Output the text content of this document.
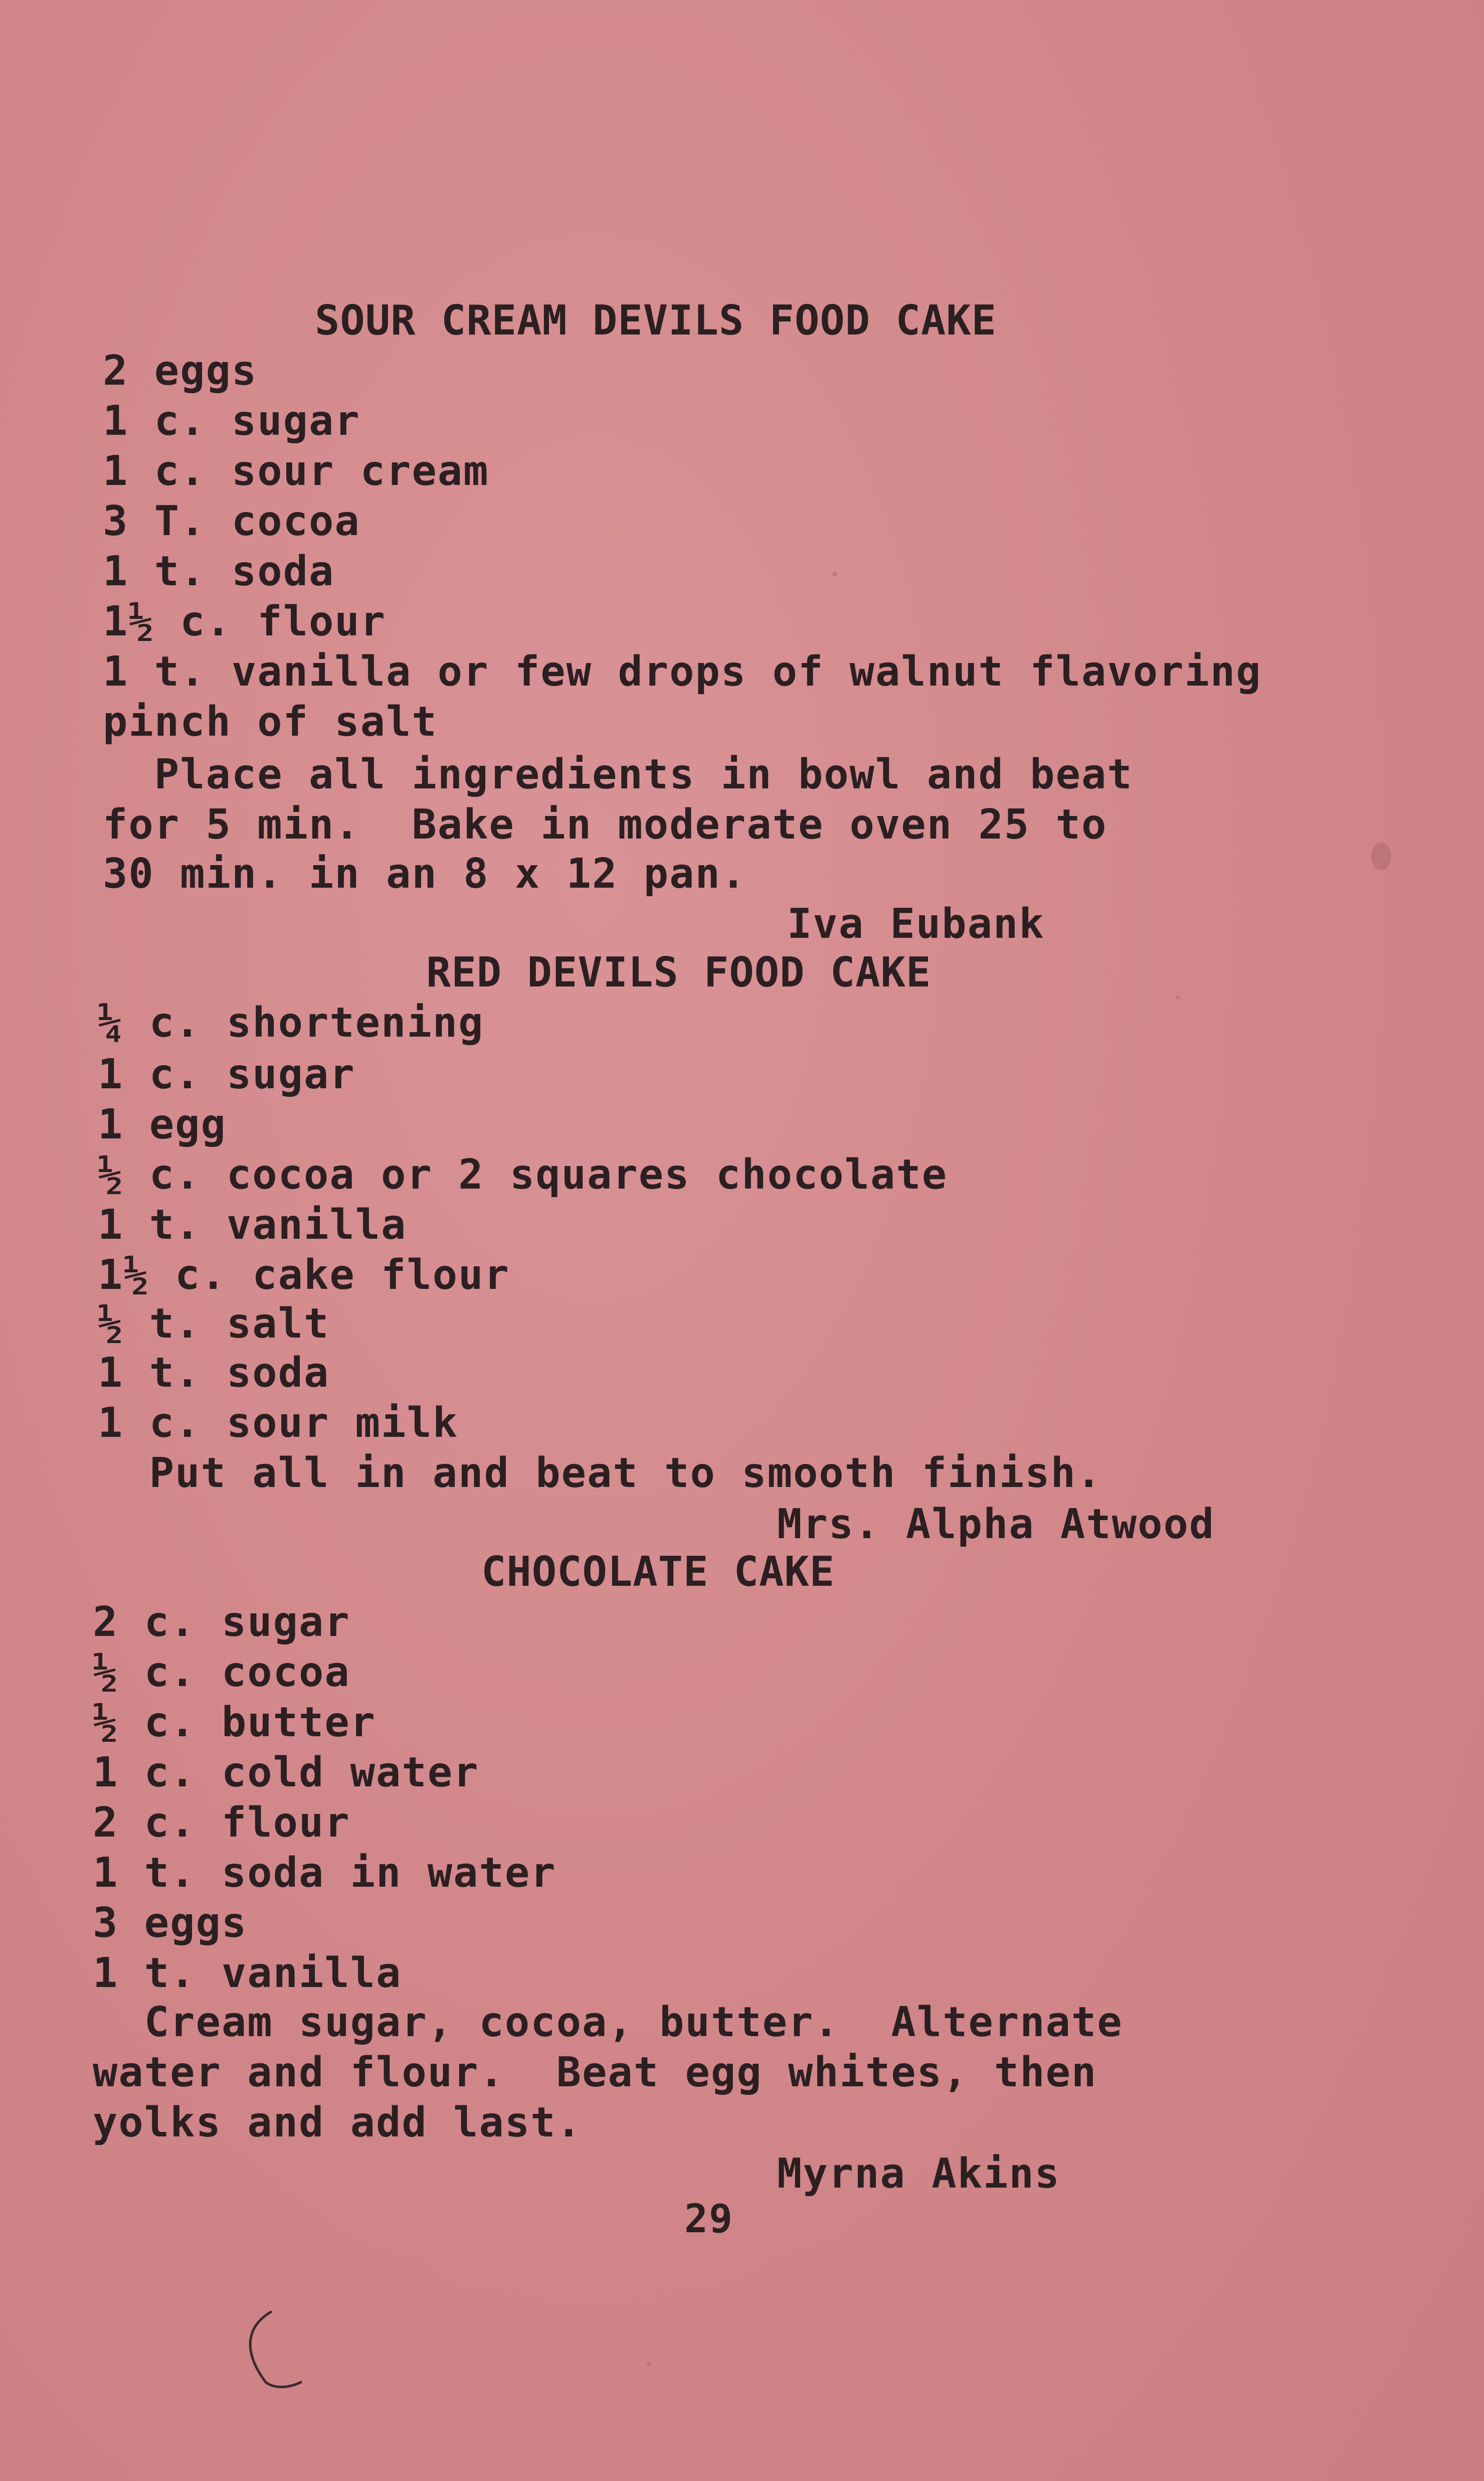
SOUR CREAM DEVILS FOOD CAKE
2 eggs
1 c. sugar
1 c. sour cream
3 T. cocoa
1 t. soda
1½ c. flour
1 t. vanilla or few drops of walnut flavoring
pinch of salt
Place all ingredients in bowl and beat
for 5 min.  Bake in moderate oven 25 to
30 min. in an 8 x 12 pan.
Iva Eubank
RED DEVILS FOOD CAKE
¼ c. shortening
1 c. sugar
1 egg
½ c. cocoa or 2 squares chocolate
1 t. vanilla
1½ c. cake flour
½ t. salt
1 t. soda
1 c. sour milk
Put all in and beat to smooth finish.
Mrs. Alpha Atwood
CHOCOLATE CAKE
2 c. sugar
½ c. cocoa
½ c. butter
1 c. cold water
2 c. flour
1 t. soda in water
3 eggs
1 t. vanilla
Cream sugar, cocoa, butter.  Alternate
water and flour.  Beat egg whites, then
yolks and add last.
Myrna Akins
29
